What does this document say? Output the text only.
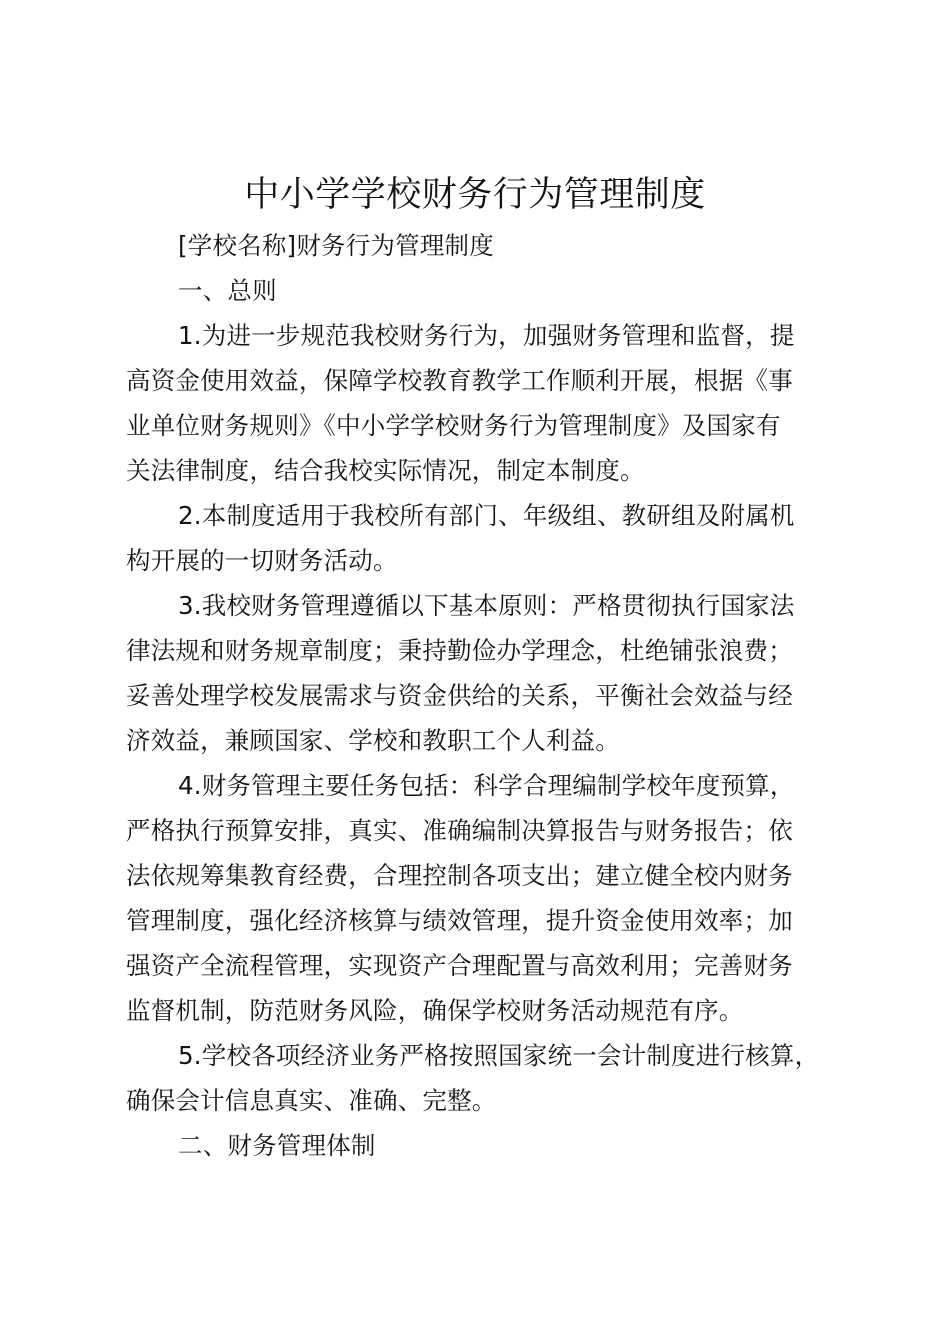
中小学学校财务行为管理制度
[学校名称]财务行为管理制度
一、总则
1.为进一步规范我校财务行为，加强财务管理和监督，提
高资金使用效益，保障学校教育教学工作顺利开展，根据《事
业单位财务规则》《中小学学校财务行为管理制度》及国家有
关法律制度，结合我校实际情况，制定本制度。
2.本制度适用于我校所有部门、年级组、教研组及附属机
构开展的一切财务活动。
3.我校财务管理遵循以下基本原则：严格贯彻执行国家法
律法规和财务规章制度；秉持勤俭办学理念，杜绝铺张浪费；
妥善处理学校发展需求与资金供给的关系，平衡社会效益与经
济效益，兼顾国家、学校和教职工个人利益。
4.财务管理主要任务包括：科学合理编制学校年度预算，
严格执行预算安排，真实、准确编制决算报告与财务报告；依
法依规筹集教育经费，合理控制各项支出；建立健全校内财务
管理制度，强化经济核算与绩效管理，提升资金使用效率；加
强资产全流程管理，实现资产合理配置与高效利用；完善财务
监督机制，防范财务风险，确保学校财务活动规范有序。
5.学校各项经济业务严格按照国家统一会计制度进行核算，
确保会计信息真实、准确、完整。
二、财务管理体制
